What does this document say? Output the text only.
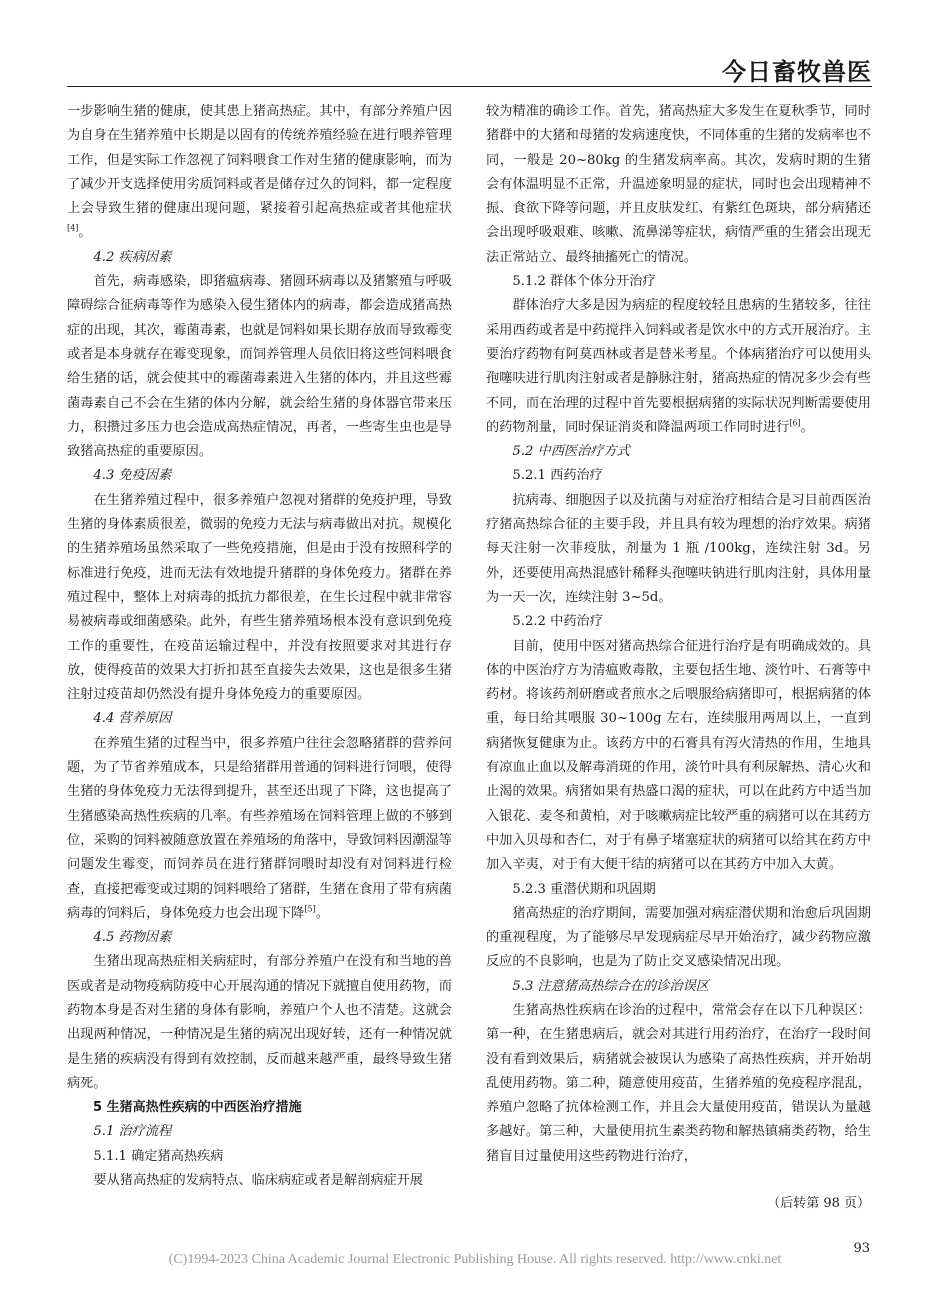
今日畜牧兽医

一步影响生猪的健康，使其患上猪高热症。其中，有部分养殖户因为自身在生猪养殖中长期是以固有的传统养殖经验在进行喂养管理工作，但是实际工作忽视了饲料喂食工作对生猪的健康影响，而为了减少开支选择使用劣质饲料或者是储存过久的饲料，都一定程度上会导致生猪的健康出现问题，紧接着引起高热症或者其他症状[4]。

4.2 疾病因素

首先，病毒感染，即猪瘟病毒、猪圆环病毒以及猪繁殖与呼吸障碍综合征病毒等作为感染入侵生猪体内的病毒，都会造成猪高热症的出现，其次，霉菌毒素，也就是饲料如果长期存放而导致霉变或者是本身就存在霉变现象，而饲养管理人员依旧将这些饲料喂食给生猪的话，就会使其中的霉菌毒素进入生猪的体内，并且这些霉菌毒素自己不会在生猪的体内分解，就会给生猪的身体器官带来压力，积攒过多压力也会造成高热症情况，再者，一些寄生虫也是导致猪高热症的重要原因。

4.3 免疫因素

在生猪养殖过程中，很多养殖户忽视对猪群的免疫护理，导致生猪的身体素质很差，微弱的免疫力无法与病毒做出对抗。规模化的生猪养殖场虽然采取了一些免疫措施，但是由于没有按照科学的标准进行免疫，进而无法有效地提升猪群的身体免疫力。猪群在养殖过程中，整体上对病毒的抵抗力都很差，在生长过程中就非常容易被病毒或细菌感染。此外，有些生猪养殖场根本没有意识到免疫工作的重要性，在疫苗运输过程中，并没有按照要求对其进行存放，使得疫苗的效果大打折扣甚至直接失去效果，这也是很多生猪注射过疫苗却仍然没有提升身体免疫力的重要原因。

4.4 营养原因

在养殖生猪的过程当中，很多养殖户往往会忽略猪群的营养问题，为了节省养殖成本，只是给猪群用普通的饲料进行饲喂，使得生猪的身体免疫力无法得到提升，甚至还出现了下降，这也提高了生猪感染高热性疾病的几率。有些养殖场在饲料管理上做的不够到位，采购的饲料被随意放置在养殖场的角落中，导致饲料因潮湿等问题发生霉变，而饲养员在进行猪群饲喂时却没有对饲料进行检查，直接把霉变或过期的饲料喂给了猪群，生猪在食用了带有病菌病毒的饲料后，身体免疫力也会出现下降[5]。

4.5 药物因素

生猪出现高热症相关病症时，有部分养殖户在没有和当地的兽医或者是动物疫病防疫中心开展沟通的情况下就擅自使用药物，而药物本身是否对生猪的身体有影响，养殖户个人也不清楚。这就会出现两种情况，一种情况是生猪的病况出现好转，还有一种情况就是生猪的疾病没有得到有效控制，反而越来越严重，最终导致生猪病死。

5 生猪高热性疾病的中西医治疗措施

5.1 治疗流程

5.1.1 确定猪高热疾病

要从猪高热症的发病特点、临床病症或者是解剖病症开展

较为精准的确诊工作。首先，猪高热症大多发生在夏秋季节，同时猪群中的大猪和母猪的发病速度快，不同体重的生猪的发病率也不同，一般是 20~80kg 的生猪发病率高。其次，发病时期的生猪会有体温明显不正常，升温迹象明显的症状，同时也会出现精神不振、食欲下降等问题，并且皮肤发红、有紫红色斑块，部分病猪还会出现呼吸艰难、咳嗽、流鼻涕等症状，病情严重的生猪会出现无法正常站立、最终抽搐死亡的情况。

5.1.2 群体个体分开治疗

群体治疗大多是因为病症的程度较轻且患病的生猪较多，往往采用西药或者是中药搅拌入饲料或者是饮水中的方式开展治疗。主要治疗药物有阿莫西林或者是替米考星。个体病猪治疗可以使用头孢噻呋进行肌肉注射或者是静脉注射，猪高热症的情况多少会有些不同，而在治理的过程中首先要根据病猪的实际状况判断需要使用的药物剂量，同时保证消炎和降温两项工作同时进行[6]。

5.2 中西医治疗方式

5.2.1 西药治疗

抗病毒、细胞因子以及抗菌与对症治疗相结合是习目前西医治疗猪高热综合征的主要手段，并且具有较为理想的治疗效果。病猪每天注射一次菲疫肽，剂量为 1 瓶 /100kg，连续注射 3d。另外，还要使用高热混感针稀释头孢噻呋钠进行肌肉注射，具体用量为一天一次，连续注射 3~5d。

5.2.2 中药治疗

目前，使用中医对猪高热综合征进行治疗是有明确成效的。具体的中医治疗方为清瘟败毒散，主要包括生地、淡竹叶、石膏等中药材。将该药剂研磨或者煎水之后喂服给病猪即可，根据病猪的体重，每日给其喂服 30~100g 左右，连续服用两周以上，一直到病猪恢复健康为止。该药方中的石膏具有泻火清热的作用，生地具有凉血止血以及解毒消斑的作用，淡竹叶具有利尿解热、清心火和止渴的效果。病猪如果有热盛口渴的症状，可以在此药方中适当加入银花、麦冬和黄柏，对于咳嗽病症比较严重的病猪可以在其药方中加入贝母和杏仁，对于有鼻子堵塞症状的病猪可以给其在药方中加入辛夷，对于有大便干结的病猪可以在其药方中加入大黄。

5.2.3 重潜伏期和巩固期

猪高热症的治疗期间，需要加强对病症潜伏期和治愈后巩固期的重视程度，为了能够尽早发现病症尽早开始治疗，减少药物应激反应的不良影响，也是为了防止交叉感染情况出现。

5.3 注意猪高热综合在的诊治误区

生猪高热性疾病在诊治的过程中，常常会存在以下几种误区：第一种，在生猪患病后，就会对其进行用药治疗，在治疗一段时间没有看到效果后，病猪就会被误认为感染了高热性疾病，并开始胡乱使用药物。第二种，随意使用疫苗，生猪养殖的免疫程序混乱，养殖户忽略了抗体检测工作，并且会大量使用疫苗，错误认为量越多越好。第三种，大量使用抗生素类药物和解热镇痛类药物，给生猪盲目过量使用这些药物进行治疗，

（后转第 98 页）
93
(C)1994-2023 China Academic Journal Electronic Publishing House. All rights reserved. http://www.cnki.net
